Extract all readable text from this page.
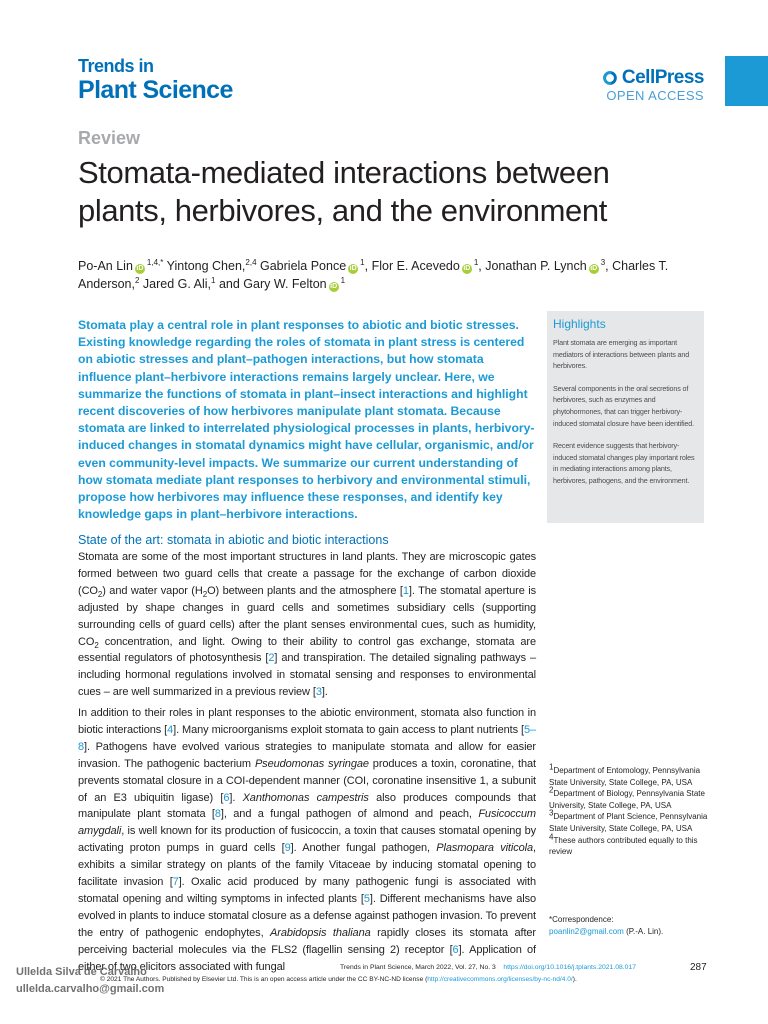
Trends in
Plant Science	CellPress
OPEN ACCESS
Review
Stomata-mediated interactions between plants, herbivores, and the environment
Po-An Lin $iD^{1,4,*}$ Yintong Chen,$^{2,4}$ Gabriela Ponce $iD^1$, Flor E. Acevedo $iD^1$, Jonathan P. Lynch $iD^3$, Charles T. Anderson,$^2$ Jared G. Ali,$^1$ and Gary W. Felton $iD^1$
Stomata play a central role in plant responses to abiotic and biotic stresses. Existing knowledge regarding the roles of stomata in plant stress is centered on abiotic stresses and plant–pathogen interactions, but how stomata influence plant–herbivore interactions remains largely unclear. Here, we summarize the functions of stomata in plant–insect interactions and highlight recent discoveries of how herbivores manipulate plant stomata. Because stomata are linked to interrelated physiological processes in plants, herbivory-induced changes in stomatal dynamics might have cellular, organismic, and/or even community-level impacts. We summarize our current understanding of how stomata mediate plant responses to herbivory and environmental stimuli, propose how herbivores may influence these responses, and identify key knowledge gaps in plant–herbivore interactions.
Highlights
Plant stomata are emerging as important mediators of interactions between plants and herbivores.
Several components in the oral secretions of herbivores, such as enzymes and phytohormones, that can trigger herbivory-induced stomatal closure have been identified.
Recent evidence suggests that herbivory-induced stomatal changes play important roles in mediating interactions among plants, herbivores, pathogens, and the environment.
State of the art: stomata in abiotic and biotic interactions

Stomata are some of the most important structures in land plants. They are microscopic gates formed between two guard cells that create a passage for the exchange of carbon dioxide $(CO_2)$ and water vapor $(H_2O)$ between plants and the atmosphere [1]. The stomatal aperture is adjusted by shape changes in guard cells and sometimes subsidiary cells (supporting surrounding cells of guard cells) after the plant senses environmental cues, such as humidity, $CO_2$ concentration, and light. Owing to their ability to control gas exchange, stomata are essential regulators of photosynthesis [2] and transpiration. The detailed signaling pathways – including hormonal regulations involved in stomatal sensing and responses to environmental cues – are well summarized in a previous review [3].

In addition to their roles in plant responses to the abiotic environment, stomata also function in biotic interactions [4]. Many microorganisms exploit stomata to gain access to plant nutrients [5–8]. Pathogens have evolved various strategies to manipulate stomata and allow for easier invasion. The pathogenic bacterium Pseudomonas syringae produces a toxin, coronatine, that prevents stomatal closure in a COI-dependent manner (COI, coronatine insensitive 1, a subunit of an E3 ubiquitin ligase) [6]. Xanthomonas campestris also produces compounds that manipulate plant stomata [8], and a fungal pathogen of almond and peach, Fusicoccum amygdali, is well known for its production of fusicoccin, a toxin that causes stomatal opening by activating proton pumps in guard cells [9]. Another fungal pathogen, Plasmopara viticola, exhibits a similar strategy on plants of the family Vitaceae by inducing stomatal opening to facilitate invasion [7]. Oxalic acid produced by many pathogenic fungi is associated with stomatal opening and wilting symptoms in infected plants [5]. Different mechanisms have also evolved in plants to induce stomatal closure as a defense against pathogen invasion. To prevent the entry of pathogenic endophytes, Arabidopsis thaliana rapidly closes its stomata after perceiving bacterial molecules via the FLS2 (flagellin sensing 2) receptor [6]. Application of either of two elicitors associated with fungal

$^1$Department of Entomology, Pennsylvania State University, State College, PA, USA
$^2$Department of Biology, Pennsylvania State University, State College, PA, USA
$^3$Department of Plant Science, Pennsylvania State University, State College, PA, USA
$^4$These authors contributed equally to this review
*Correspondence:
poanlin2@gmail.com (P.-A. Lin).
Trends in Plant Science, March 2022, Vol. 27, No. 3 https://doi.org/10.1016/j.tplants.2021.08.017	287
© 2021 The Authors. Published by Elsevier Ltd. This is an open access article under the CC BY-NC-ND license (http://creativecommons.org/licenses/by-nc-nd/4.0/).
Ullelda Silva de Carvalho
ullelda.carvalho@gmail.com
